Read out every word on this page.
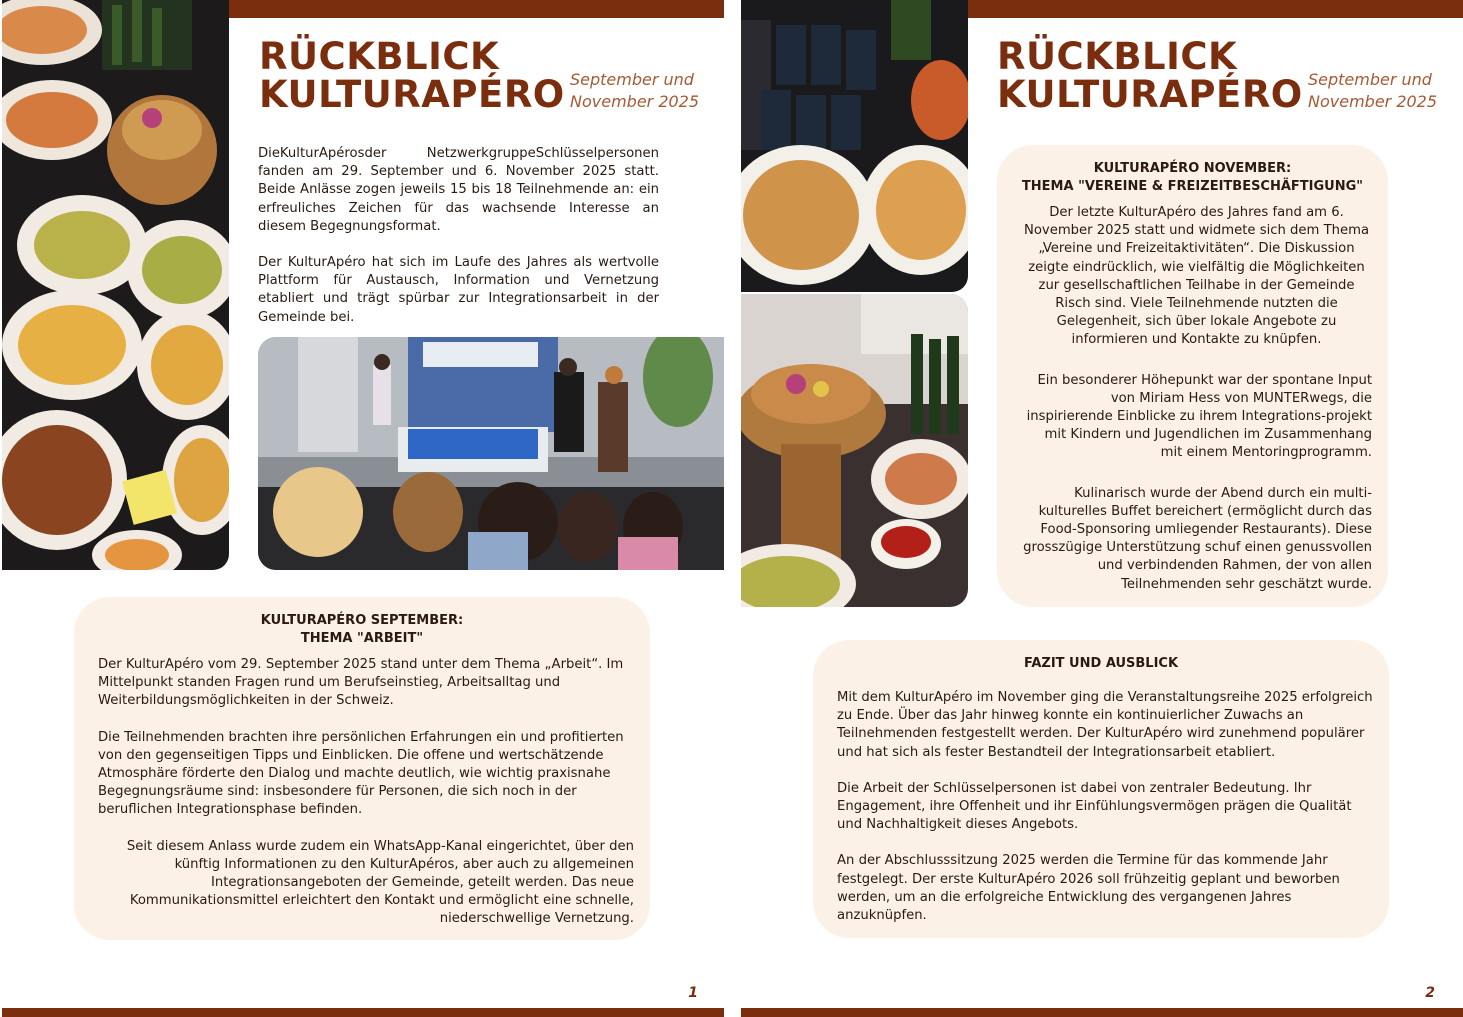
RÜCKBLICK
KULTURAPÉRO September und
November 2025

DieKulturApérosder NetzwerkgruppeSchlüsselpersonen fanden am 29. September und 6. November 2025 statt. Beide Anlässe zogen jeweils 15 bis 18 Teilnehmende an: ein erfreuliches Zeichen für das wachsende Interesse an diesem Begegnungsformat.

Der KulturApéro hat sich im Laufe des Jahres als wertvolle Plattform für Austausch, Information und Vernetzung etabliert und trägt spürbar zur Integrationsarbeit in der Gemeinde bei.

KULTURAPÉRO SEPTEMBER:
THEMA "ARBEIT"

Der KulturApéro vom 29. September 2025 stand unter dem Thema „Arbeit“. Im Mittelpunkt standen Fragen rund um Berufseinstieg, Arbeitsalltag und Weiterbildungsmöglichkeiten in der Schweiz.

Die Teilnehmenden brachten ihre persönlichen Erfahrungen ein und profitierten von den gegenseitigen Tipps und Einblicken. Die offene und wertschätzende Atmosphäre förderte den Dialog und machte deutlich, wie wichtig praxisnahe Begegnungsräume sind: insbesondere für Personen, die sich noch in der beruflichen Integrationsphase befinden.

Seit diesem Anlass wurde zudem ein WhatsApp-Kanal eingerichtet, über den künftig Informationen zu den KulturApéros, aber auch zu allgemeinen Integrationsangeboten der Gemeinde, geteilt werden. Das neue Kommunikationsmittel erleichtert den Kontakt und ermöglicht eine schnelle, niederschwellige Vernetzung.

1
RÜCKBLICK
KULTURAPÉRO September und
November 2025
KULTURAPÉRO NOVEMBER:
THEMA "VEREINE & FREIZEITBESCHÄFTIGUNG"

Der letzte KulturApéro des Jahres fand am 6. November 2025 statt und widmete sich dem Thema „Vereine und Freizeitaktivitäten“. Die Diskussion zeigte eindrücklich, wie vielfältig die Möglichkeiten zur gesellschaftlichen Teilhabe in der Gemeinde Risch sind. Viele Teilnehmende nutzten die Gelegenheit, sich über lokale Angebote zu informieren und Kontakte zu knüpfen.

Ein besonderer Höhepunkt war der spontane Input von Miriam Hess von MUNTERwegs, die inspirierende Einblicke zu ihrem Integrations-projekt mit Kindern und Jugendlichen im Zusammenhang mit einem Mentoringprogramm.

Kulinarisch wurde der Abend durch ein multi-kulturelles Buffet bereichert (ermöglicht durch das Food-Sponsoring umliegender Restaurants). Diese grosszügige Unterstützung schuf einen genussvollen und verbindenden Rahmen, der von allen Teilnehmenden sehr geschätzt wurde.

FAZIT UND AUSBLICK

Mit dem KulturApéro im November ging die Veranstaltungsreihe 2025 erfolgreich zu Ende. Über das Jahr hinweg konnte ein kontinuierlicher Zuwachs an Teilnehmenden festgestellt werden. Der KulturApéro wird zunehmend populärer und hat sich als fester Bestandteil der Integrationsarbeit etabliert.

Die Arbeit der Schlüsselpersonen ist dabei von zentraler Bedeutung. Ihr Engagement, ihre Offenheit und ihr Einfühlungsvermögen prägen die Qualität und Nachhaltigkeit dieses Angebots.

An der Abschlusssitzung 2025 werden die Termine für das kommende Jahr festgelegt. Der erste KulturApéro 2026 soll frühzeitig geplant und beworben werden, um an die erfolgreiche Entwicklung des vergangenen Jahres anzuknüpfen.

2
